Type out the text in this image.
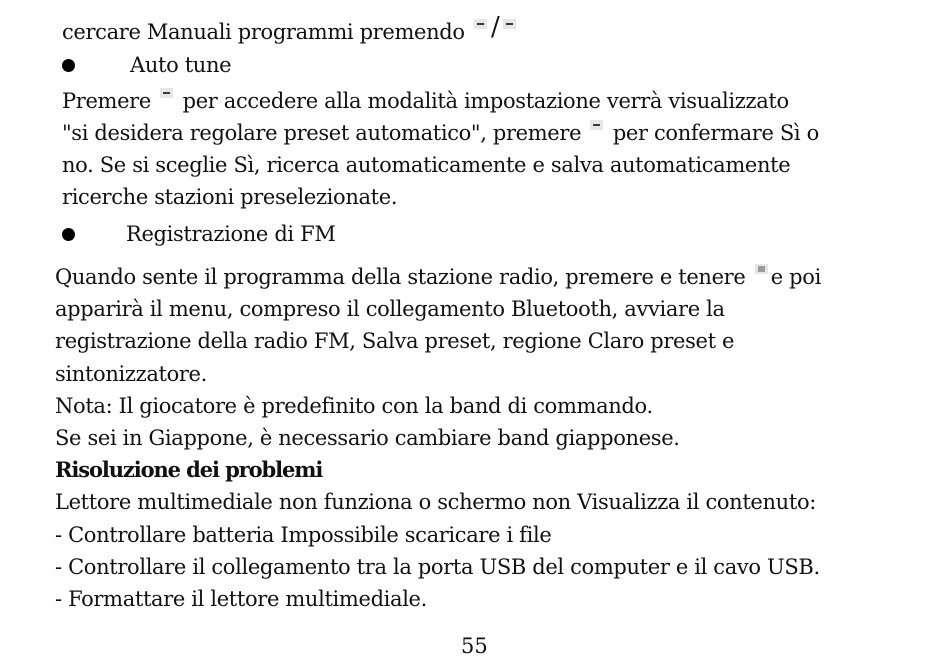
cercare Manuali programmi premendo /
Auto tune
Premere per accedere alla modalità impostazione verrà visualizzato
"si desidera regolare preset automatico", premere per confermare Sì o
no. Se si sceglie Sì, ricerca automaticamente e salva automaticamente
ricerche stazioni preselezionate.
Registrazione di FM
Quando sente il programma della stazione radio, premere e tenere e poi
apparirà il menu, compreso il collegamento Bluetooth, avviare la
registrazione della radio FM, Salva preset, regione Claro preset e
sintonizzatore.
Nota: Il giocatore è predefinito con la band di commando.
Se sei in Giappone, è necessario cambiare band giapponese.
Risoluzione dei problemi
Lettore multimediale non funziona o schermo non Visualizza il contenuto:
- Controllare batteria Impossibile scaricare i file
- Controllare il collegamento tra la porta USB del computer e il cavo USB.
- Formattare il lettore multimediale.
55
